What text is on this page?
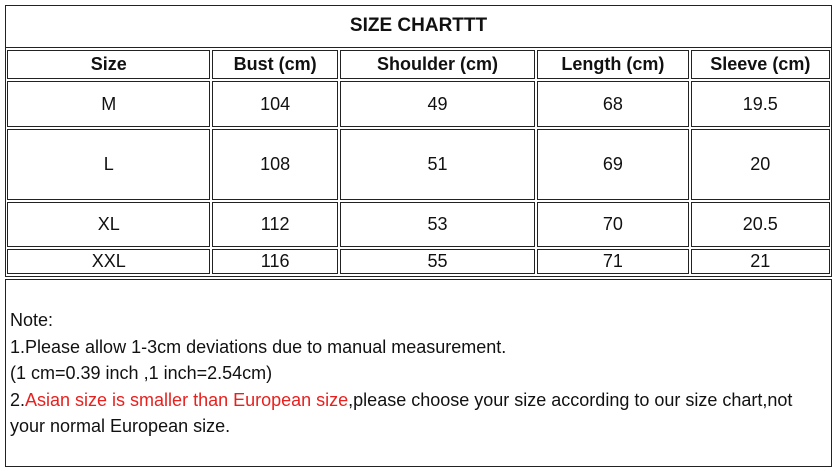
SIZE CHARTTT
Size	Bust (cm)	Shoulder (cm)	Length (cm)	Sleeve (cm)
M	104	49	68	19.5
L	108	51	69	20
XL	112	53	70	20.5
XXL	116	55	71	21
Note:
1.Please allow 1-3cm deviations due to manual measurement.
(1 cm=0.39 inch ,1 inch=2.54cm)
2.Asian size is smaller than European size,please choose your size according to our size chart,not your normal European size.
